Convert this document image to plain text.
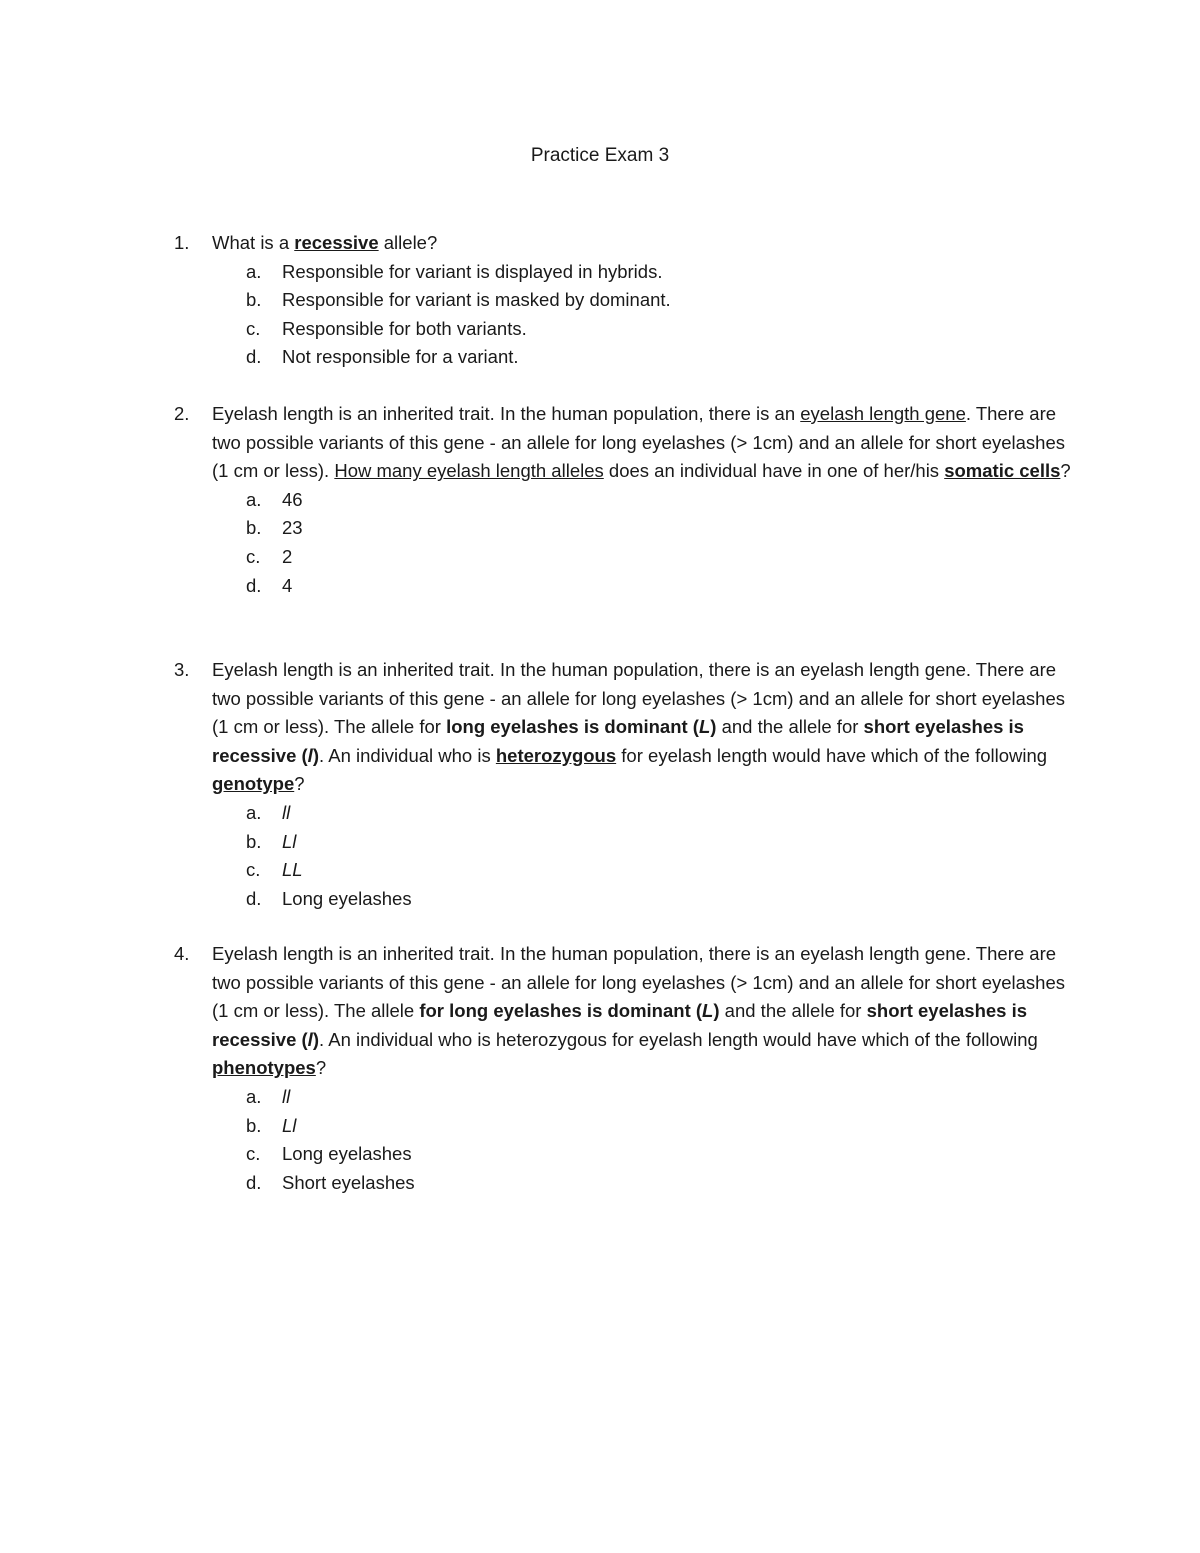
Practice Exam 3
1. What is a recessive allele?
a. Responsible for variant is displayed in hybrids.
b. Responsible for variant is masked by dominant.
c. Responsible for both variants.
d. Not responsible for a variant.
2. Eyelash length is an inherited trait. In the human population, there is an eyelash length gene. There are two possible variants of this gene - an allele for long eyelashes (> 1cm) and an allele for short eyelashes (1 cm or less). How many eyelash length alleles does an individual have in one of her/his somatic cells?
a. 46
b. 23
c. 2
d. 4
3. Eyelash length is an inherited trait. In the human population, there is an eyelash length gene. There are two possible variants of this gene - an allele for long eyelashes (> 1cm) and an allele for short eyelashes (1 cm or less). The allele for long eyelashes is dominant (L) and the allele for short eyelashes is recessive (l). An individual who is heterozygous for eyelash length would have which of the following genotype?
a. ll
b. Ll
c. LL
d. Long eyelashes
4. Eyelash length is an inherited trait. In the human population, there is an eyelash length gene. There are two possible variants of this gene - an allele for long eyelashes (> 1cm) and an allele for short eyelashes (1 cm or less). The allele for long eyelashes is dominant (L) and the allele for short eyelashes is recessive (l). An individual who is heterozygous for eyelash length would have which of the following phenotypes?
a. ll
b. Ll
c. Long eyelashes
d. Short eyelashes
